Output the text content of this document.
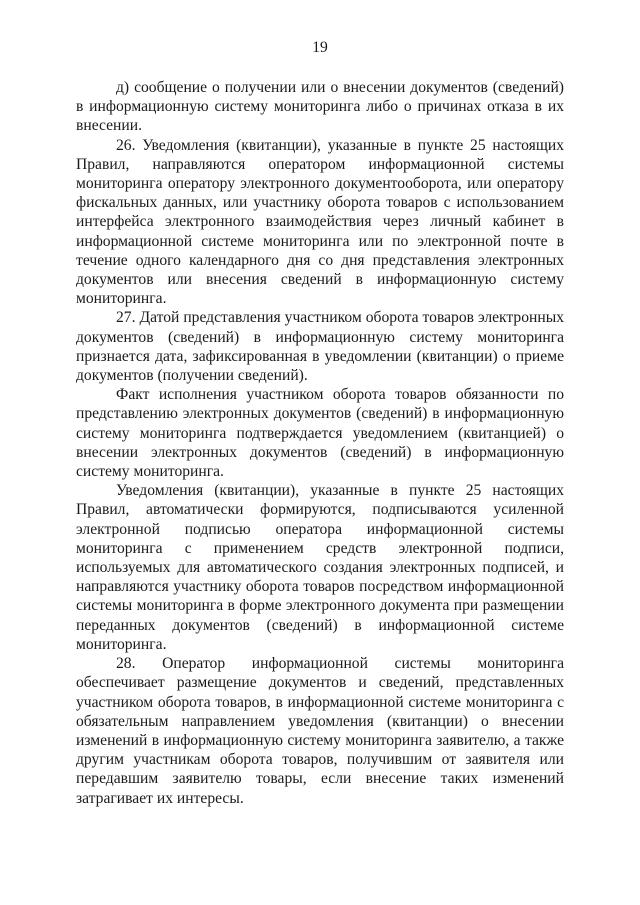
19

д) сообщение о получении или о внесении документов (сведений) в информационную систему мониторинга либо о причинах отказа в их внесении.

26. Уведомления (квитанции), указанные в пункте 25 настоящих Правил, направляются оператором информационной системы мониторинга оператору электронного документооборота, или оператору фискальных данных, или участнику оборота товаров с использованием интерфейса электронного взаимодействия через личный кабинет в информационной системе мониторинга или по электронной почте в течение одного календарного дня со дня представления электронных документов или внесения сведений в информационную систему мониторинга.

27. Датой представления участником оборота товаров электронных документов (сведений) в информационную систему мониторинга признается дата, зафиксированная в уведомлении (квитанции) о приеме документов (получении сведений).

Факт исполнения участником оборота товаров обязанности по представлению электронных документов (сведений) в информационную систему мониторинга подтверждается уведомлением (квитанцией) о внесении электронных документов (сведений) в информационную систему мониторинга.

Уведомления (квитанции), указанные в пункте 25 настоящих Правил, автоматически формируются, подписываются усиленной электронной подписью оператора информационной системы мониторинга с применением средств электронной подписи, используемых для автоматического создания электронных подписей, и направляются участнику оборота товаров посредством информационной системы мониторинга в форме электронного документа при размещении переданных документов (сведений) в информационной системе мониторинга.

28. Оператор информационной системы мониторинга обеспечивает размещение документов и сведений, представленных участником оборота товаров, в информационной системе мониторинга с обязательным направлением уведомления (квитанции) о внесении изменений в информационную систему мониторинга заявителю, а также другим участникам оборота товаров, получившим от заявителя или передавшим заявителю товары, если внесение таких изменений затрагивает их интересы.
